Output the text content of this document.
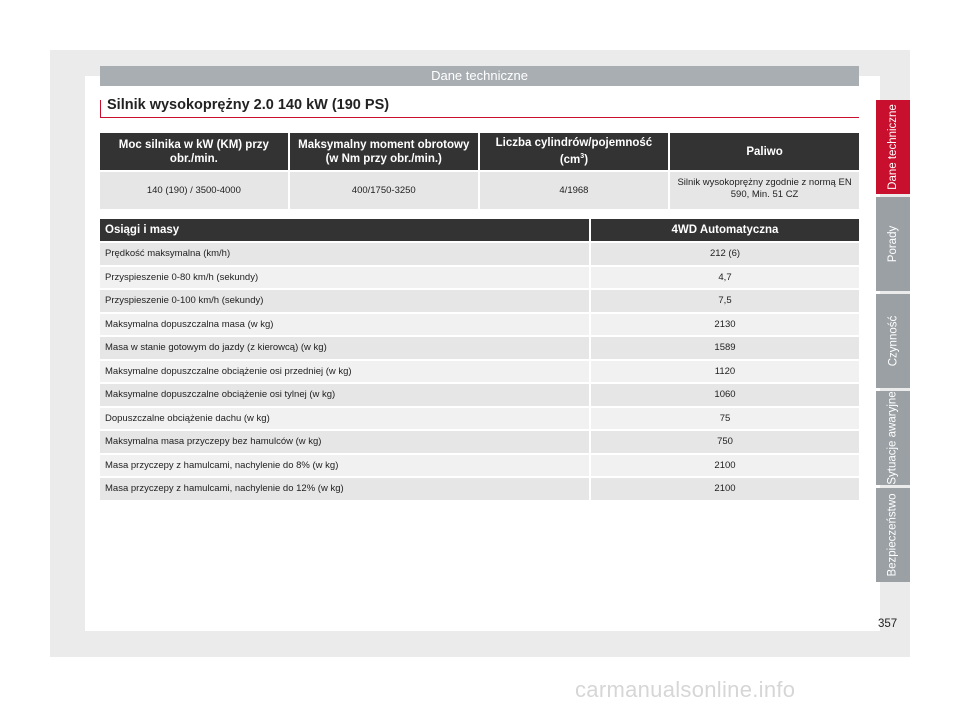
Dane techniczne
Silnik wysokoprężny 2.0 140 kW (190 PS)
Moc silnika w kW (KM) przy obr./min.	Maksymalny moment obrotowy (w Nm przy obr./min.)	Liczba cylindrów/pojemność $(cm^3)$	Paliwo
140 (190) / 3500-4000	400/1750-3250	4/1968	Silnik wysokoprężny zgodnie z normą EN 590, Min. 51 CZ
Osiągi i masy	4WD Automatyczna
Prędkość maksymalna (km/h)	212 (6)
Przyspieszenie 0-80 km/h (sekundy)	4,7
Przyspieszenie 0-100 km/h (sekundy)	7,5
Maksymalna dopuszczalna masa (w kg)	2130
Masa w stanie gotowym do jazdy (z kierowcą) (w kg)	1589
Maksymalne dopuszczalne obciążenie osi przedniej (w kg)	1120
Maksymalne dopuszczalne obciążenie osi tylnej (w kg)	1060
Dopuszczalne obciążenie dachu (w kg)	75
Maksymalna masa przyczepy bez hamulców (w kg)	750
Masa przyczepy z hamulcami, nachylenie do 8% (w kg)	2100
Masa przyczepy z hamulcami, nachylenie do 12% (w kg)	2100
Dane techniczne
Porady
Czynność
Sytuacje awaryjne
Bezpieczeństwo
357
carmanualsonline.info
